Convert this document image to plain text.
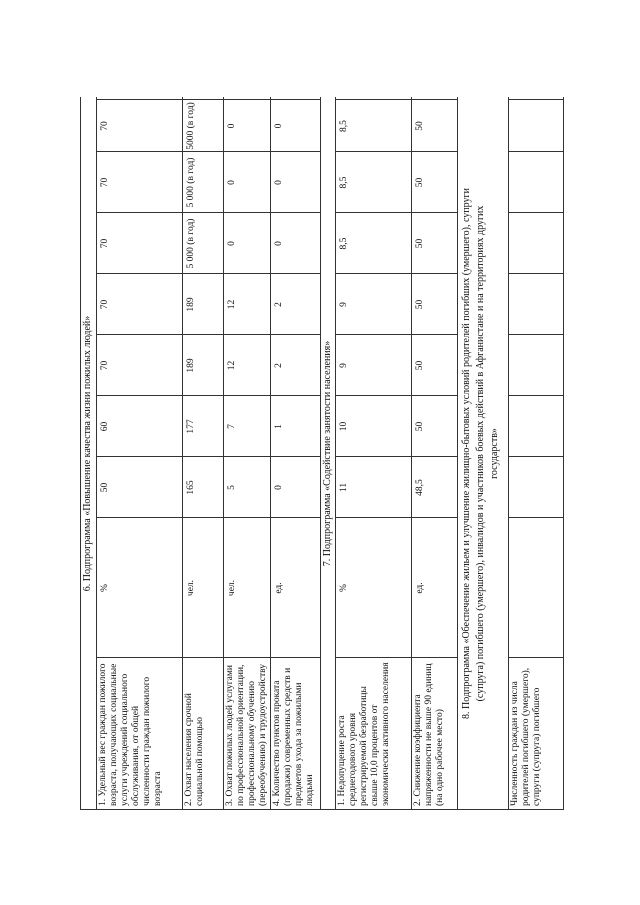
6. Подпрограмма «Повышение качества жизни пожилых людей»
1. Удельный вес граждан пожилого возраста, получающих социальные услуги учреждений социального обслуживания, от общей численности граждан пожилого возраста
%
50
60
70
70
70
70
70
2. Охват населения срочной социальной помощью
чел.
165
177
189
189
5 000 (в год)
5 000 (в год)
5000 (в год)
3. Охват пожилых людей услугами по профессиональной ориентации, профессиональному обучению (переобучению) и трудоустройству
чел.
5
7
12
12
0
0
0
4. Количество пунктов проката (продажи) современных средств и предметов ухода за пожилыми людьми
ед.
0
1
2
2
0
0
0
7. Подпрограмма «Содействие занятости населения»
1. Недопущение роста среднегодового уровня регистрируемой безработицы свыше 10,0 процентов от экономически активного населения
%
11
10
9
9
8,5
8,5
8,5
2. Снижение коэффициента напряженности не выше 90 единиц (на одно рабочее место)
ед.
48,5
50
50
50
50
50
50
8. Подпрограмма «Обеспечение жильем и улучшение жилищно-бытовых условий родителей погибших (умершего), супруги (супруга) погибшего (умершего), инвалидов и участников боевых действий в Афганистане и на территориях других государств»
Численность граждан из числа родителей погибшего (умершего), супруги (супруга) погибшего
